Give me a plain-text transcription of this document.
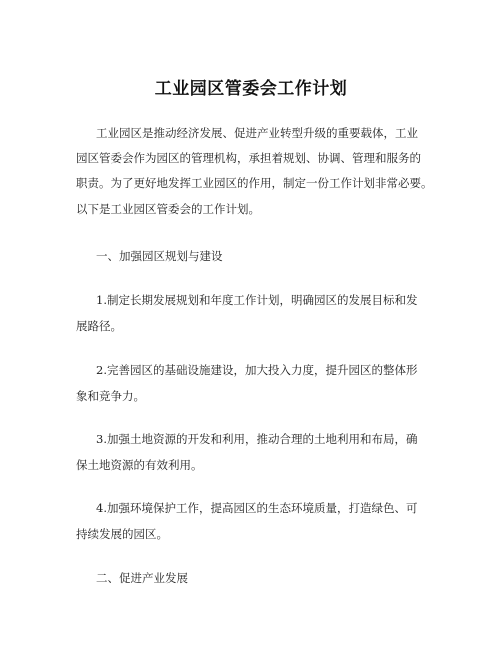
工业园区管委会工作计划
工业园区是推动经济发展、促进产业转型升级的重要载体，工业
园区管委会作为园区的管理机构，承担着规划、协调、管理和服务的
职责。为了更好地发挥工业园区的作用，制定一份工作计划非常必要。
以下是工业园区管委会的工作计划。
一、加强园区规划与建设
1.制定长期发展规划和年度工作计划，明确园区的发展目标和发
展路径。
2.完善园区的基础设施建设，加大投入力度，提升园区的整体形
象和竞争力。
3.加强土地资源的开发和利用，推动合理的土地利用和布局，确
保土地资源的有效利用。
4.加强环境保护工作，提高园区的生态环境质量，打造绿色、可
持续发展的园区。
二、促进产业发展
